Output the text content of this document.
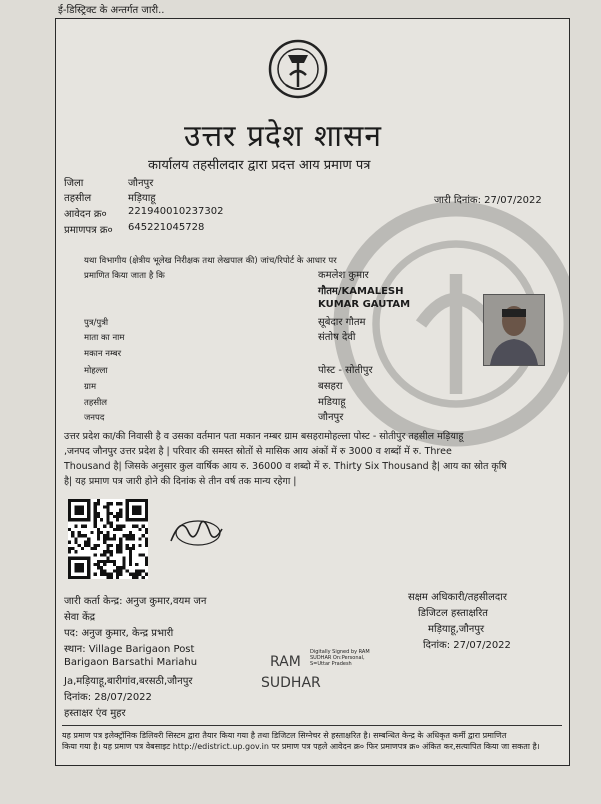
ई-डिस्ट्रिक्ट के अन्तर्गत जारी..
उत्तर प्रदेश शासन
कार्यालय तहसीलदार द्वारा प्रदत्त आय प्रमाण पत्र
जिला	जौनपुर
तहसील	मड़ियाहू
आवेदन क्र० 221940010237302
प्रमाणपत्र क्र० 645221045728
जारी दिनांक: 27/07/2022
यथा विभागीय (क्षेत्रीय भूलेख निरीक्षक तथा लेखपाल की) जांच/रिपोर्ट के आधार पर
प्रमाणित किया जाता है कि	कमलेश कुमार
गौतम/KAMALESH
KUMAR GAUTAM
पुत्र/पुत्री	सूबेदार गौतम
माता का नाम	संतोष देवी
मकान नम्बर
मोहल्ला	पोस्ट - सोतीपुर
ग्राम	बसहरा
तहसील	मडियाहू
जनपद	जौनपुर
उत्तर प्रदेश का/की निवासी है व उसका वर्तमान पता मकान नम्बर ग्राम बसहरामोहल्ला पोस्ट - सोतीपुर तहसील मड़ियाहू
,जनपद जौनपुर उत्तर प्रदेश है | परिवार की समस्त स्रोतों से मासिक आय अंकों में रु 3000 व शब्दों में रु. Three
Thousand है| जिसके अनुसार कुल वार्षिक आय रु. 36000 व शब्दो में रु. Thirty Six Thousand है| आय का स्रोत कृषि
है| यह प्रमाण पत्र जारी होने की दिनांक से तीन वर्ष तक मान्य रहेगा |
जारी कर्ता केन्द्र: अनुज कुमार,वयम जन
सेवा केंद्र
पद: अनुज कुमार, केन्द्र प्रभारी
स्थान: Village Barigaon Post
Barigaon Barsathi Mariahu
Ja,मड़ियाहू,बारीगांव,बरसठी,जौनपुर
दिनांक: 28/07/2022
हस्ताक्षर एंव मुहर
सक्षम अधिकारी/तहसीलदार
डिजिटल हस्ताक्षरित
मड़ियाहू,जौनपुर
दिनांक: 27/07/2022
RAM
SUDHAR
Digitally Signed by RAM
SUDHAR On:Personal,
S=Uttar Pradesh
यह प्रमाण पत्र इलेक्ट्रॉनिक डिलिवरी सिस्टम द्वारा तैयार किया गया है तथा डिजिटल सिग्नेचर से हस्ताक्षरित है। सम्बन्धित केन्द्र के अधिकृत कर्मी द्वारा प्रमाणित
किया गया है। यह प्रमाण पत्र वेबसाइट http://edistrict.up.gov.in पर प्रमाण पत्र पहले आवेदन क्र० फिर प्रमाणपत्र क्र० अंकित कर,सत्यापित किया जा सकता है।
